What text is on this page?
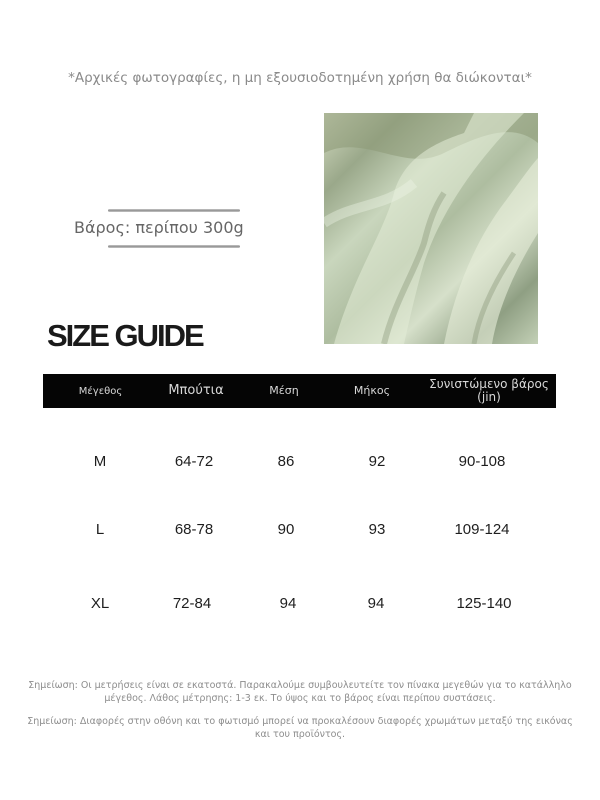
*Αρχικές φωτογραφίες, η μη εξουσιοδοτημένη χρήση θα διώκονται*
Βάρος: περίπου 300g
SIZE GUIDE
Μέγεθος	Μπούτια	Μέση	Μήκος	Συνιστώμενο βάρος (jin)
M	64-72	86	92	90-108
L	68-78	90	93	109-124
XL	72-84	94	94	125-140
Σημείωση: Οι μετρήσεις είναι σε εκατοστά. Παρακαλούμε συμβουλευτείτε τον πίνακα μεγεθών για το κατάλληλο μέγεθος. Λάθος μέτρησης: 1-3 εκ. Το ύψος και το βάρος είναι περίπου συστάσεις.
Σημείωση: Διαφορές στην οθόνη και το φωτισμό μπορεί να προκαλέσουν διαφορές χρωμάτων μεταξύ της εικόνας και του προϊόντος.
